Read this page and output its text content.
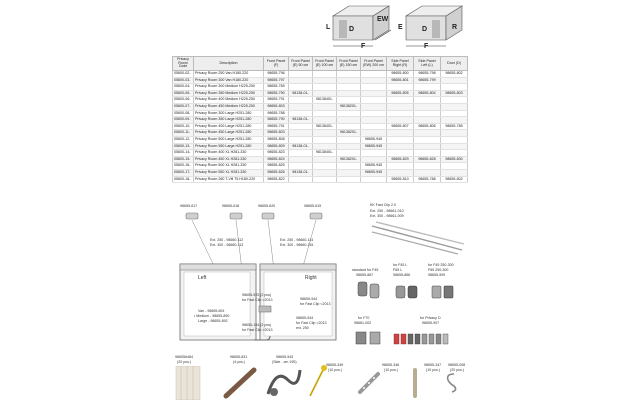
L	D
EW
F
E	D	R
F
Privacy Room Code	Description	Front Panel (F)	Front Panel (E) 50 cm	Front Panel (E) 100 cm	Front Panel (E) 150 cm	Front Panel (EW) 200 cm	Side Panel Right (R)	Side Panel Left (L)	Door (D)
05600-02-	Privacy Room 250 Van H180-220	98655-796					98655-800	98655-798	98655-802
05600-03-	Privacy Room 300 Van H180-220	98655-797					98655-801	98655-799	
05600-04-	Privacy Room 300 Medium H225-250	98655-789							
05600-05-	Privacy Room 350 Medium H225-250	98655-790	98138-01-				98655-805	98655-804	98655-803
05600-06-	Privacy Room 400 Medium H225-250	98655-791		98138401-					
05600-07-	Privacy Room 450 Medium H225-250	98655-803			98138201-				
05600-08-	Privacy Room 300 Large H251-280	98655-788							
05600-09-	Privacy Room 350 Large H251-280	98655-790	98138-01-						
05600-10-	Privacy Room 400 Large H251-280	98655-791		98138401-			98655-807	98655-806	98655-785
05600-11-	Privacy Room 450 Large H251-280	98655-803			98138201-				
05600-12-	Privacy Room 500 Large H251-280	98655-808				98655-945			
05600-13-	Privacy Room 550 Large H251-280	98655-809	98138-01-			98655-945			
05600-14-	Privacy Room 400 XL H281-330	98655-823		98138401-					
05600-15-	Privacy Room 450 XL H281-330	98655-824			98138201-		98655-829	98655-828	98655-830
05600-16-	Privacy Room 500 XL H281-330	98655-825				98655-945			
05600-17-	Privacy Room 550 XL H281-330	98655-826	98138-01-			98655-945			
05600-18-	Privacy Room 260 T-Vill T5 H180-220	98655-822					98655-810	98655-788	98655-802
98655-617	98655-618	98655-620	98655-619
Ext. 250 - 98660-112
Ext. 300 - 98660-113
Ext. 250 - 98660-114
Ext. 300 - 98660-115
Left	Right
Van - 98655-891
• Medium - 98655-890
Large - 98655-892
98655-923 (2 pcs)
for Fast Clip >2013	98655-944
for Fast Clip <2013
98655-104 (2 pcs)
for Fast Clip >2013
98655-944
for Fast Clip >2013
ext. 250
KK Fast Clip 2.0
Ext. 250 - 98661-010
Ext. 300 - 98661-009
standard for F45
98655-867
for F45 L
F65 L
98655-866
for F45 250-300
F65 250-300
98655-909
for F70
98661-002
for Privacy D
98655-907
98655#484
(20 pcs.)
98655-831
(4 pcs.)
98655-943
(Side - cm 195)
98655-349
(10 pcs.)
98655-346
(10 pcs.)
98655-347
(10 pcs.)
98655-008
(20 pcs.)
